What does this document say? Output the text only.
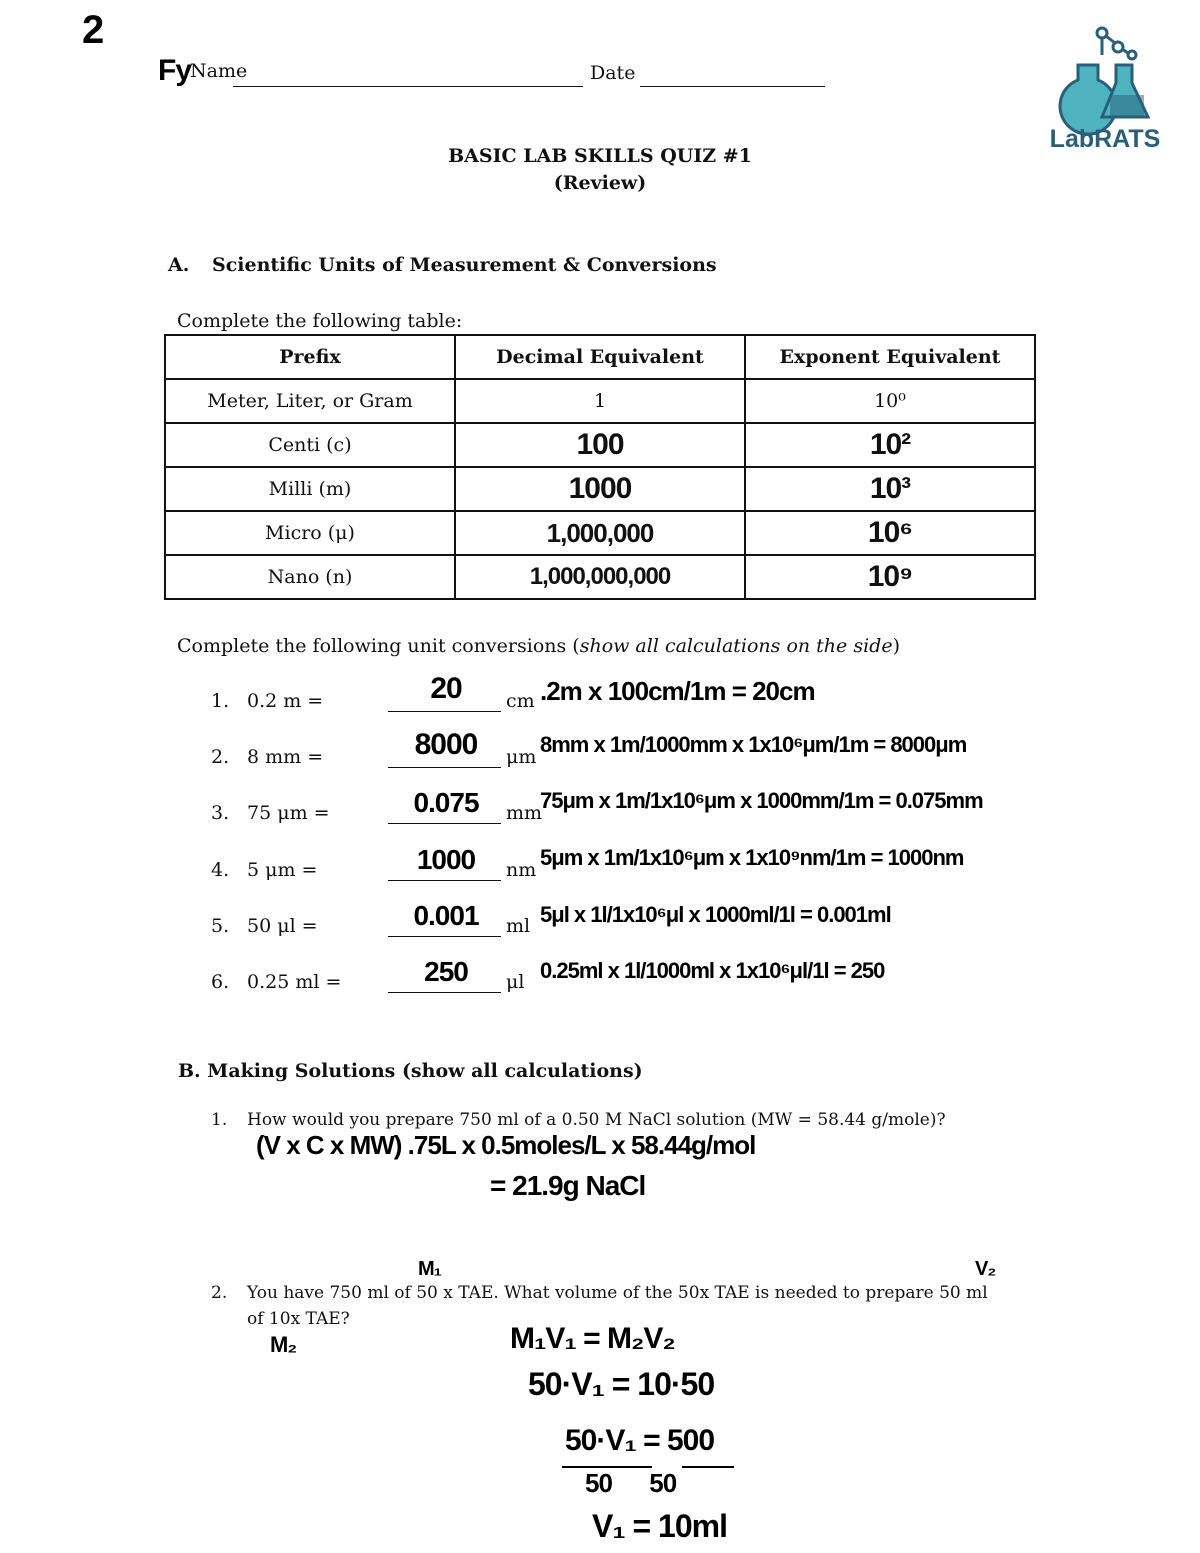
2
Fy
Name	Date
LabRATS
BASIC LAB SKILLS QUIZ #1
(Review)
A. Scientific Units of Measurement & Conversions
Complete the following table:
Prefix	Decimal Equivalent	Exponent Equivalent
Meter, Liter, or Gram	1	10⁰
Centi (c)	100	10²
Milli (m)	1000	10³
Micro (μ)	1,000,000	10⁶
Nano (n)	1,000,000,000	10⁹
Complete the following unit conversions (show all calculations on the side)
1. 0.2 m =	20	cm .2m x 100cm/1m = 20cm
2. 8 mm =	8000	μm 8mm x 1m/1000mm x 1x10⁶μm/1m = 8000μm
3. 75 μm =	0.075	mm
75μm x 1m/1x10⁶μm x 1000mm/1m = 0.075mm
4. 5 μm =	1000	nm 5μm x 1m/1x10⁶μm x 1x10⁹nm/1m = 1000nm
5. 50 μl =	0.001	ml 5μl x 1l/1x10⁶μl x 1000ml/1l = 0.001ml
6. 0.25 ml =	250	μl 0.25ml x 1l/1000ml x 1x10⁶μl/1l = 250
B. Making Solutions (show all calculations)
1. How would you prepare 750 ml of a 0.50 M NaCl solution (MW = 58.44 g/mole)?
(V x C x MW) .75L x 0.5moles/L x 58.44g/mol
= 21.9g NaCl
M₁	V₂
2. You have 750 ml of 50 x TAE. What volume of the 50x TAE is needed to prepare 50 ml
of 10x TAE?
M₂	M₁V₁ = M₂V₂
50·V₁ = 10·50
50·V₁ = 500
50      50
V₁ = 10ml
